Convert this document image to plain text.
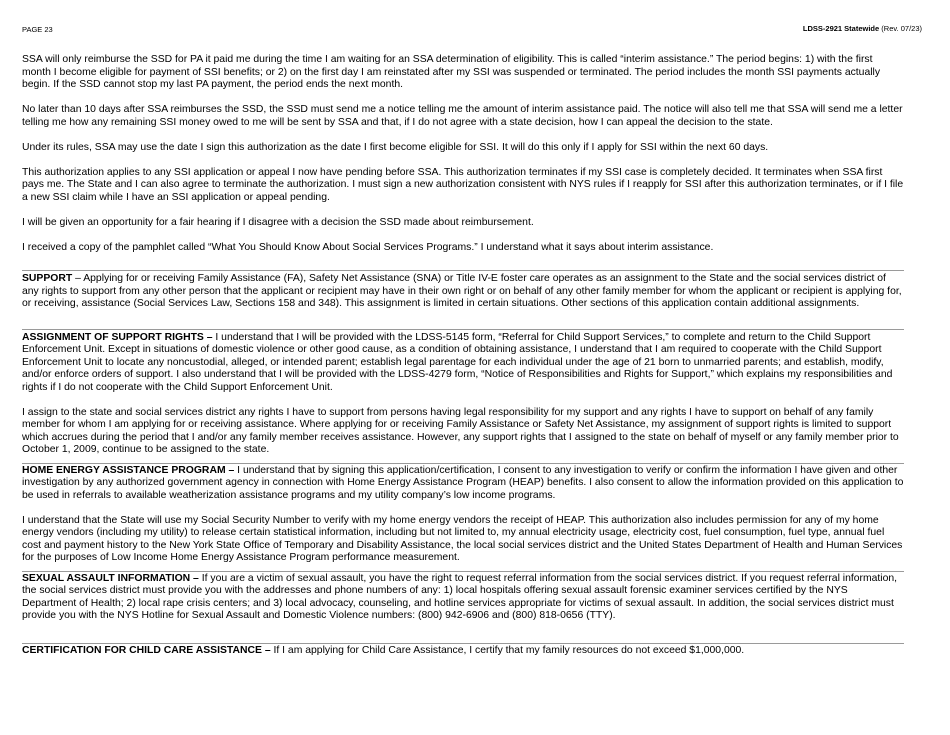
PAGE 23	LDSS-2921 Statewide (Rev. 07/23)

SSA will only reimburse the SSD for PA it paid me during the time I am waiting for an SSA determination of eligibility. This is called “interim assistance.” The period begins: 1) with the first month I become eligible for payment of SSI benefits; or 2) on the first day I am reinstated after my SSI was suspended or terminated. The period includes the month SSI payments actually begin. If the SSD cannot stop my last PA payment, the period ends the next month.

No later than 10 days after SSA reimburses the SSD, the SSD must send me a notice telling me the amount of interim assistance paid. The notice will also tell me that SSA will send me a letter telling me how any remaining SSI money owed to me will be sent by SSA and that, if I do not agree with a state decision, how I can appeal the decision to the state.

Under its rules, SSA may use the date I sign this authorization as the date I first become eligible for SSI. It will do this only if I apply for SSI within the next 60 days.

This authorization applies to any SSI application or appeal I now have pending before SSA. This authorization terminates if my SSI case is completely decided. It terminates when SSA first pays me. The State and I can also agree to terminate the authorization. I must sign a new authorization consistent with NYS rules if I reapply for SSI after this authorization terminates, or if I file a new SSI claim while I have an SSI application or appeal pending.

I will be given an opportunity for a fair hearing if I disagree with a decision the SSD made about reimbursement.

I received a copy of the pamphlet called “What You Should Know About Social Services Programs.” I understand what it says about interim assistance.

SUPPORT – Applying for or receiving Family Assistance (FA), Safety Net Assistance (SNA) or Title IV-E foster care operates as an assignment to the State and the social services district of any rights to support from any other person that the applicant or recipient may have in their own right or on behalf of any other family member for whom the applicant or recipient is applying for, or receiving, assistance (Social Services Law, Sections 158 and 348). This assignment is limited in certain situations. Other sections of this application contain additional assignments.

ASSIGNMENT OF SUPPORT RIGHTS – I understand that I will be provided with the LDSS-5145 form, “Referral for Child Support Services,” to complete and return to the Child Support Enforcement Unit. Except in situations of domestic violence or other good cause, as a condition of obtaining assistance, I understand that I am required to cooperate with the Child Support Enforcement Unit to locate any noncustodial, alleged, or intended parent; establish legal parentage for each individual under the age of 21 born to unmarried parents; and establish, modify, and/or enforce orders of support. I also understand that I will be provided with the LDSS-4279 form, “Notice of Responsibilities and Rights for Support,” which explains my responsibilities and rights if I do not cooperate with the Child Support Enforcement Unit.

I assign to the state and social services district any rights I have to support from persons having legal responsibility for my support and any rights I have to support on behalf of any family member for whom I am applying for or receiving assistance. Where applying for or receiving Family Assistance or Safety Net Assistance, my assignment of support rights is limited to support which accrues during the period that I and/or any family member receives assistance. However, any support rights that I assigned to the state on behalf of myself or any family member prior to October 1, 2009, continue to be assigned to the state.

HOME ENERGY ASSISTANCE PROGRAM – I understand that by signing this application/certification, I consent to any investigation to verify or confirm the information I have given and other investigation by any authorized government agency in connection with Home Energy Assistance Program (HEAP) benefits. I also consent to allow the information provided on this application to be used in referrals to available weatherization assistance programs and my utility company’s low income programs.

I understand that the State will use my Social Security Number to verify with my home energy vendors the receipt of HEAP. This authorization also includes permission for any of my home energy vendors (including my utility) to release certain statistical information, including but not limited to, my annual electricity usage, electricity cost, fuel consumption, fuel type, annual fuel cost and payment history to the New York State Office of Temporary and Disability Assistance, the local social services district and the United States Department of Health and Human Services for the purposes of Low Income Home Energy Assistance Program performance measurement.

SEXUAL ASSAULT INFORMATION – If you are a victim of sexual assault, you have the right to request referral information from the social services district. If you request referral information, the social services district must provide you with the addresses and phone numbers of any: 1) local hospitals offering sexual assault forensic examiner services certified by the NYS Department of Health; 2) local rape crisis centers; and 3) local advocacy, counseling, and hotline services appropriate for victims of sexual assault. In addition, the social services district must provide you with the NYS Hotline for Sexual Assault and Domestic Violence numbers: (800) 942-6906 and (800) 818-0656 (TTY).

CERTIFICATION FOR CHILD CARE ASSISTANCE – If I am applying for Child Care Assistance, I certify that my family resources do not exceed $1,000,000.
